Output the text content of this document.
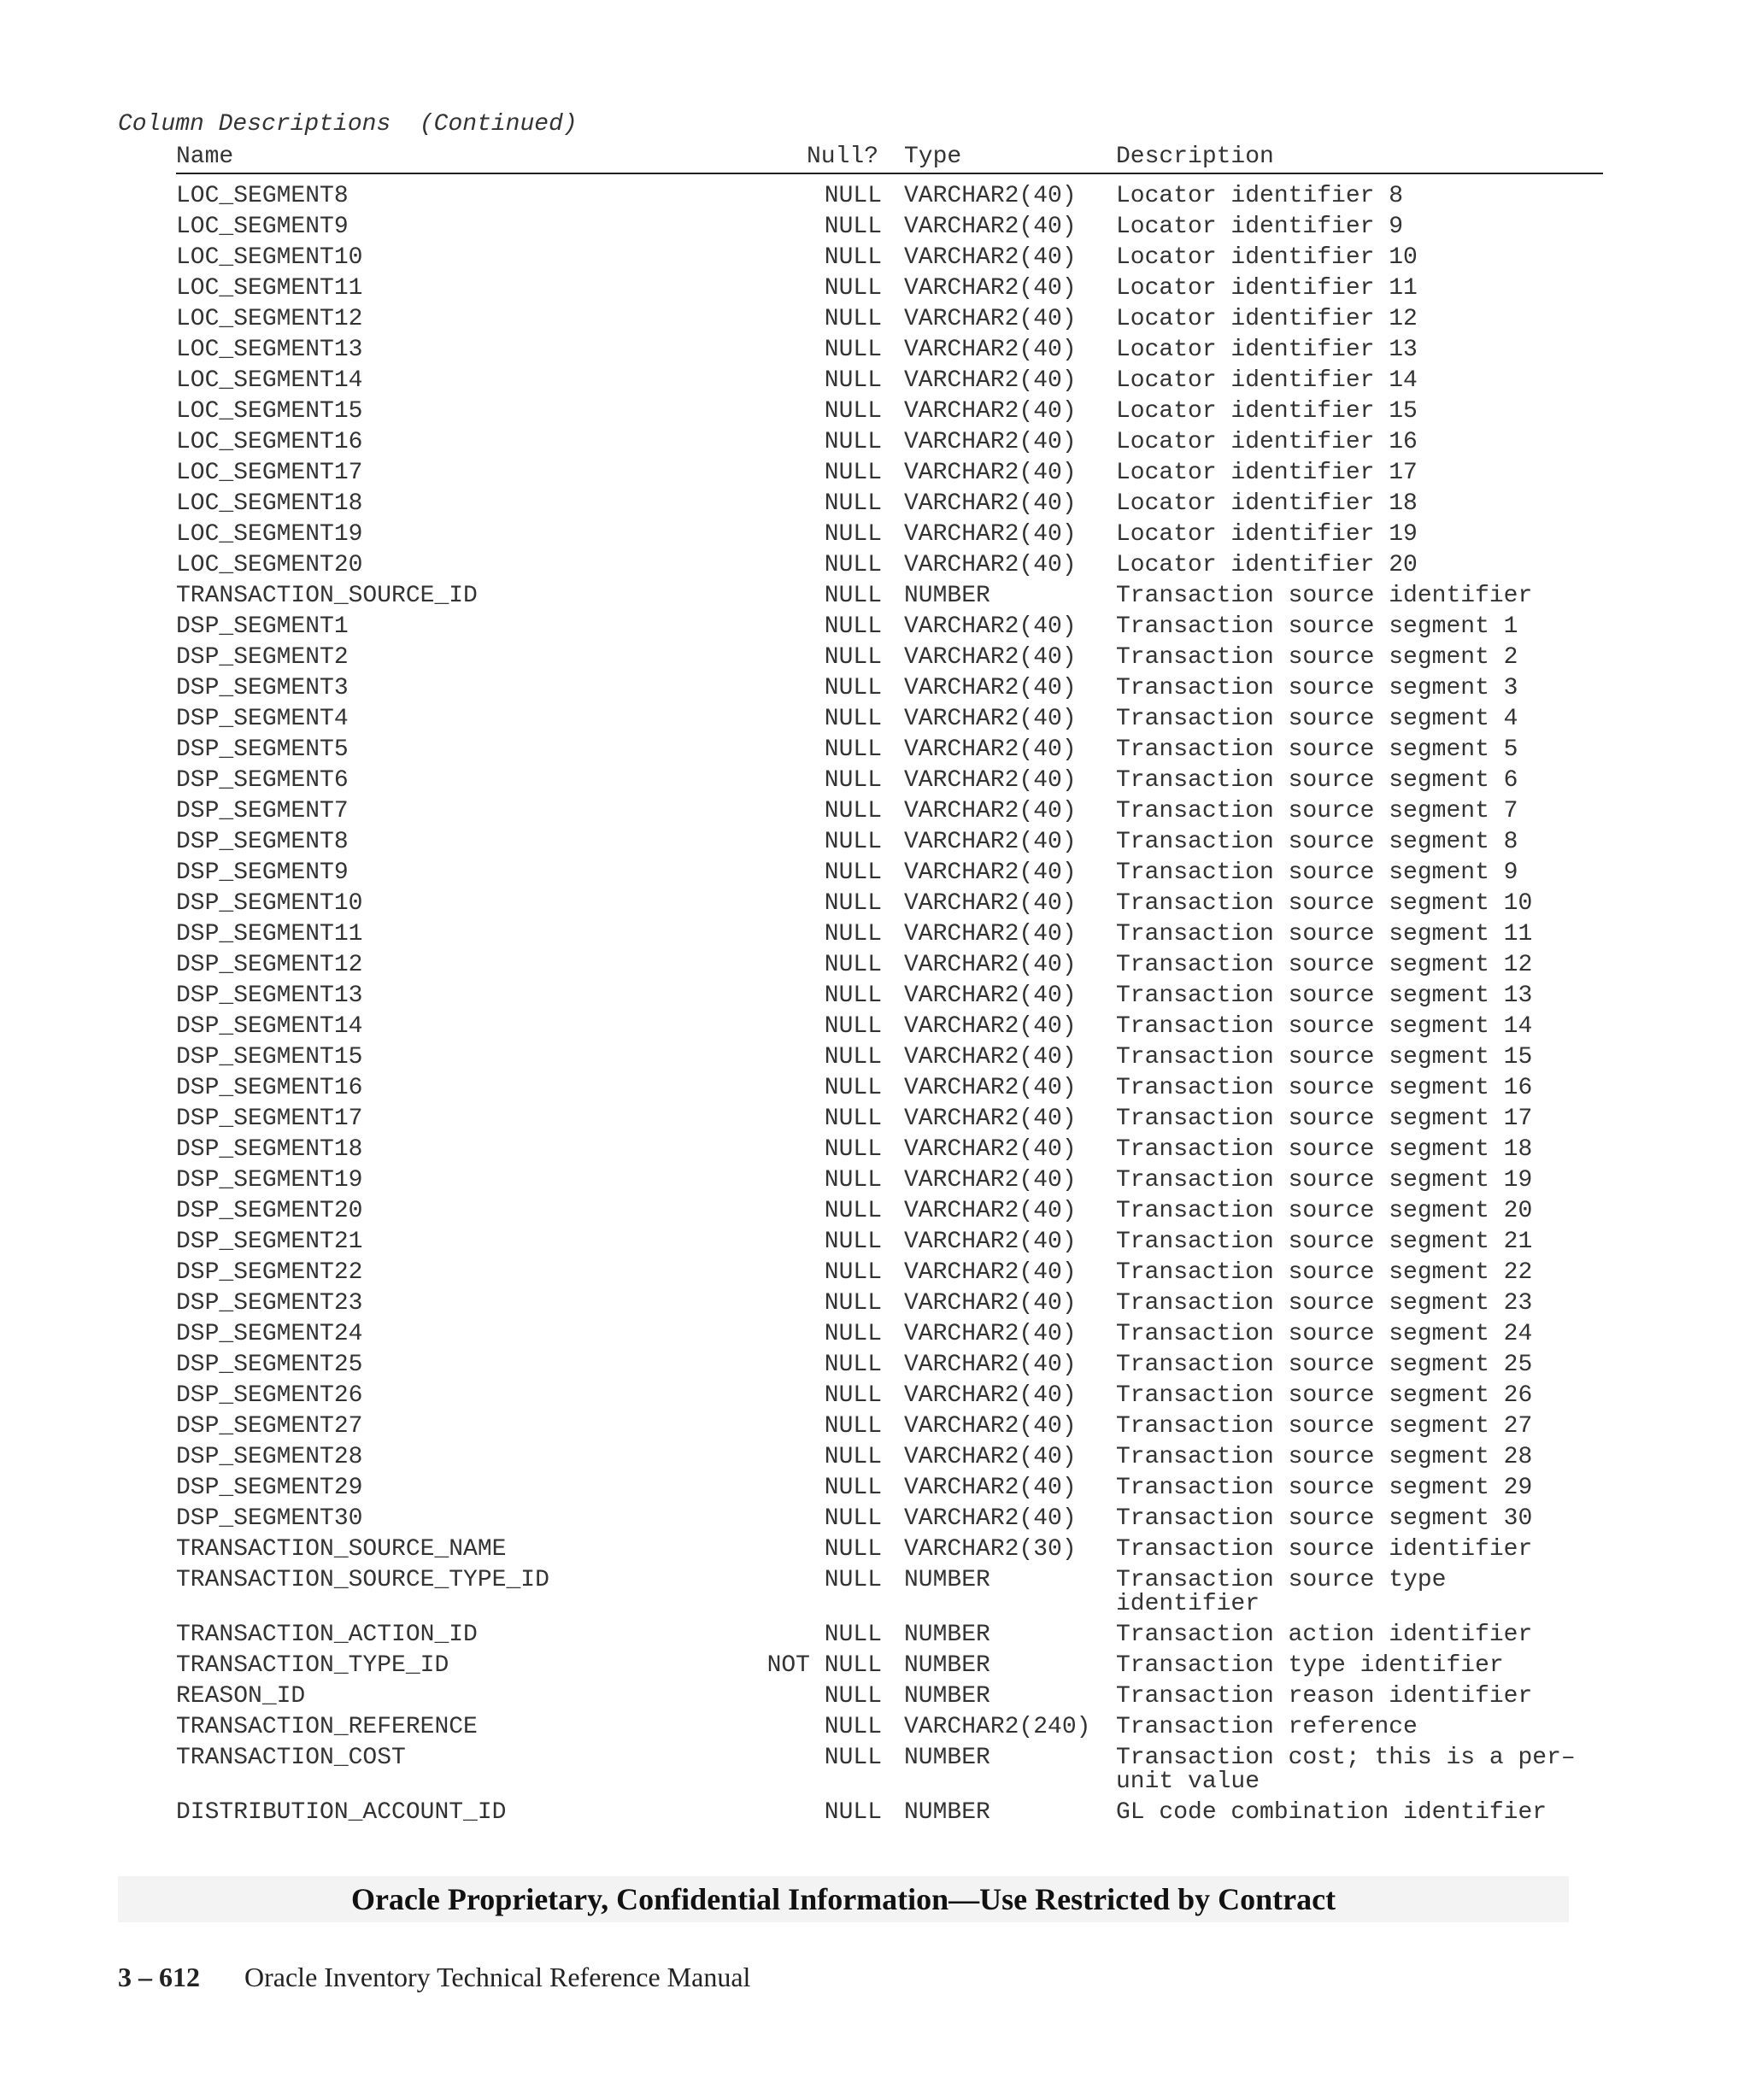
Column Descriptions  (Continued)
Name	Null? Type	Description
LOC_SEGMENT8	NULL VARCHAR2(40) Locator identifier 8
LOC_SEGMENT9	NULL VARCHAR2(40) Locator identifier 9
LOC_SEGMENT10	NULL VARCHAR2(40) Locator identifier 10
LOC_SEGMENT11	NULL VARCHAR2(40) Locator identifier 11
LOC_SEGMENT12	NULL VARCHAR2(40) Locator identifier 12
LOC_SEGMENT13	NULL VARCHAR2(40) Locator identifier 13
LOC_SEGMENT14	NULL VARCHAR2(40) Locator identifier 14
LOC_SEGMENT15	NULL VARCHAR2(40) Locator identifier 15
LOC_SEGMENT16	NULL VARCHAR2(40) Locator identifier 16
LOC_SEGMENT17	NULL VARCHAR2(40) Locator identifier 17
LOC_SEGMENT18	NULL VARCHAR2(40) Locator identifier 18
LOC_SEGMENT19	NULL VARCHAR2(40) Locator identifier 19
LOC_SEGMENT20	NULL VARCHAR2(40) Locator identifier 20
TRANSACTION_SOURCE_ID	NULL NUMBER	Transaction source identifier
DSP_SEGMENT1	NULL VARCHAR2(40) Transaction source segment 1
DSP_SEGMENT2	NULL VARCHAR2(40) Transaction source segment 2
DSP_SEGMENT3	NULL VARCHAR2(40) Transaction source segment 3
DSP_SEGMENT4	NULL VARCHAR2(40) Transaction source segment 4
DSP_SEGMENT5	NULL VARCHAR2(40) Transaction source segment 5
DSP_SEGMENT6	NULL VARCHAR2(40) Transaction source segment 6
DSP_SEGMENT7	NULL VARCHAR2(40) Transaction source segment 7
DSP_SEGMENT8	NULL VARCHAR2(40) Transaction source segment 8
DSP_SEGMENT9	NULL VARCHAR2(40) Transaction source segment 9
DSP_SEGMENT10	NULL VARCHAR2(40) Transaction source segment 10
DSP_SEGMENT11	NULL VARCHAR2(40) Transaction source segment 11
DSP_SEGMENT12	NULL VARCHAR2(40) Transaction source segment 12
DSP_SEGMENT13	NULL VARCHAR2(40) Transaction source segment 13
DSP_SEGMENT14	NULL VARCHAR2(40) Transaction source segment 14
DSP_SEGMENT15	NULL VARCHAR2(40) Transaction source segment 15
DSP_SEGMENT16	NULL VARCHAR2(40) Transaction source segment 16
DSP_SEGMENT17	NULL VARCHAR2(40) Transaction source segment 17
DSP_SEGMENT18	NULL VARCHAR2(40) Transaction source segment 18
DSP_SEGMENT19	NULL VARCHAR2(40) Transaction source segment 19
DSP_SEGMENT20	NULL VARCHAR2(40) Transaction source segment 20
DSP_SEGMENT21	NULL VARCHAR2(40) Transaction source segment 21
DSP_SEGMENT22	NULL VARCHAR2(40) Transaction source segment 22
DSP_SEGMENT23	NULL VARCHAR2(40) Transaction source segment 23
DSP_SEGMENT24	NULL VARCHAR2(40) Transaction source segment 24
DSP_SEGMENT25	NULL VARCHAR2(40) Transaction source segment 25
DSP_SEGMENT26	NULL VARCHAR2(40) Transaction source segment 26
DSP_SEGMENT27	NULL VARCHAR2(40) Transaction source segment 27
DSP_SEGMENT28	NULL VARCHAR2(40) Transaction source segment 28
DSP_SEGMENT29	NULL VARCHAR2(40) Transaction source segment 29
DSP_SEGMENT30	NULL VARCHAR2(40) Transaction source segment 30
TRANSACTION_SOURCE_NAME	NULL VARCHAR2(30) Transaction source identifier
TRANSACTION_SOURCE_TYPE_ID	NULL NUMBER	Transaction source type identifier
TRANSACTION_ACTION_ID	NULL NUMBER	Transaction action identifier
TRANSACTION_TYPE_ID	NOT NULL NUMBER	Transaction type identifier
REASON_ID	NULL NUMBER	Transaction reason identifier
TRANSACTION_REFERENCE	NULL VARCHAR2(240) Transaction reference
TRANSACTION_COST	NULL NUMBER	Transaction cost; this is a per–unit value
DISTRIBUTION_ACCOUNT_ID	NULL NUMBER	GL code combination identifier
Oracle Proprietary, Confidential Information––Use Restricted by Contract
3 – 612 Oracle Inventory Technical Reference Manual
